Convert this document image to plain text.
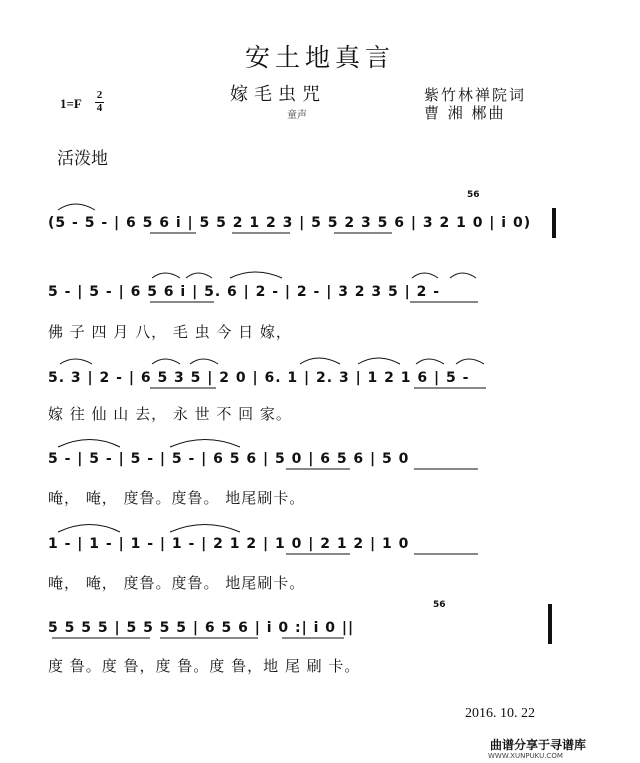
安土地真言
嫁毛虫咒
童声
1=F
2
4
紫竹林禅院词
曹 湘 郴曲
活泼地
56
56
(5 - 5 - | 6 5 6 i | 5 5 2 1 2 3 | 5 5 2 3 5 6 | 3 2 1 0 | i 0)
5 - | 5 - | 6 5 6 i | 5. 6 | 2 - | 2 - | 3 2 3 5 | 2 -
佛 子 四 月 八， 毛 虫 今 日 嫁，
5. 3 | 2 - | 6 5 3 5 | 2 0 | 6. 1 | 2. 3 | 1 2 1 6 | 5 -
嫁 往 仙 山 去， 永 世 不 回 家。
5 - | 5 - | 5 - | 5 - | 6 5 6 | 5 0 | 6 5 6 | 5 0
唵， 唵， 度鲁。度鲁。 地尾刷卡。
1 - | 1 - | 1 - | 1 - | 2 1 2 | 1 0 | 2 1 2 | 1 0
唵， 唵， 度鲁。度鲁。 地尾刷卡。
5 5 5 5 | 5 5 5 5 | 6 5 6 | i 0 :| i 0 ||
度 鲁。度 鲁，度 鲁。度 鲁，地 尾 刷 卡。
2016. 10. 22
曲谱分享于寻谱库
WWW.XUNPUKU.COM
